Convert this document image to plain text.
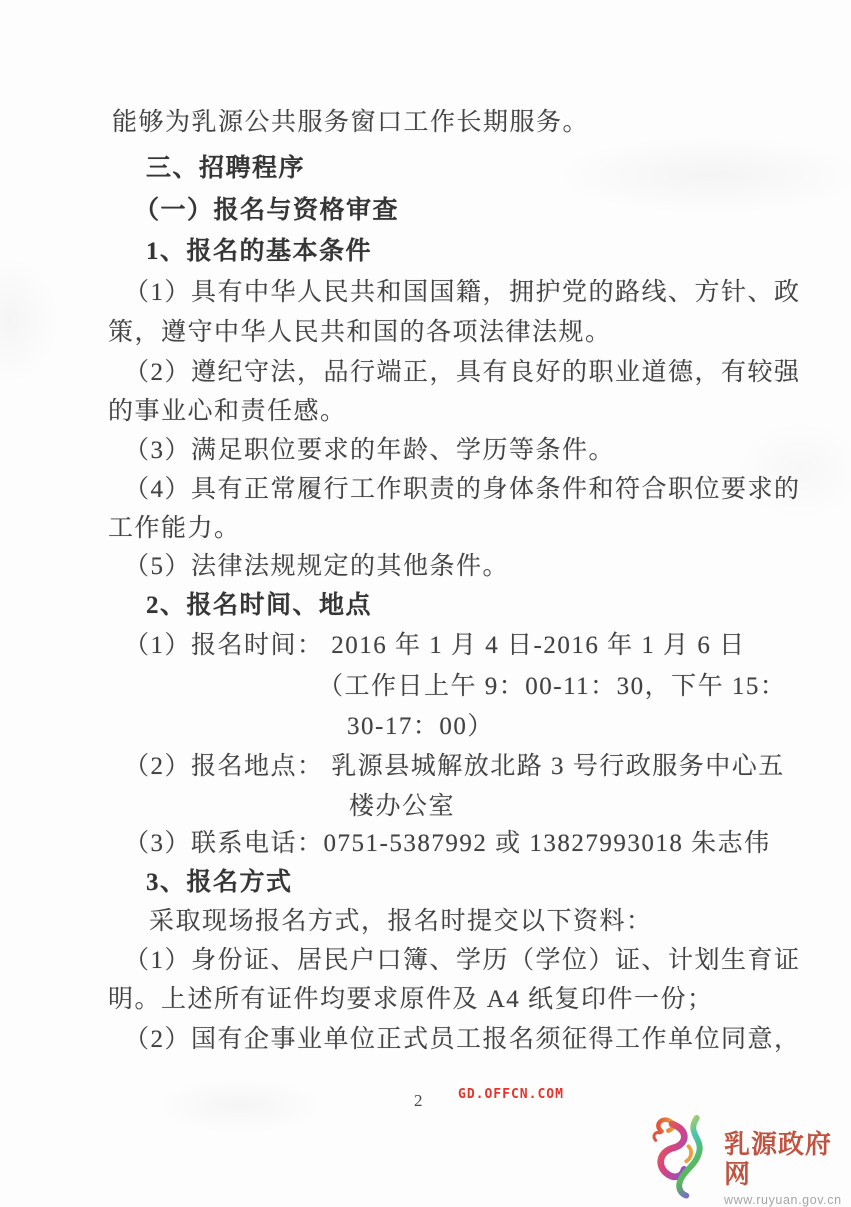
能够为乳源公共服务窗口工作长期服务。
三、招聘程序
（一）报名与资格审查
1、报名的基本条件
（1）具有中华人民共和国国籍，拥护党的路线、方针、政
策，遵守中华人民共和国的各项法律法规。
（2）遵纪守法，品行端正，具有良好的职业道德，有较强
的事业心和责任感。
（3）满足职位要求的年龄、学历等条件。
（4）具有正常履行工作职责的身体条件和符合职位要求的
工作能力。
（5）法律法规规定的其他条件。
2、报名时间、地点
（1）报名时间： 2016 年 1 月 4 日-2016 年 1 月 6 日
（工作日上午 9：00-11：30，下午 15：
30-17：00）
（2）报名地点： 乳源县城解放北路 3 号行政服务中心五
楼办公室
（3）联系电话：0751-5387992 或 13827993018 朱志伟
3、报名方式
采取现场报名方式，报名时提交以下资料：
（1）身份证、居民户口簿、学历（学位）证、计划生育证
明。上述所有证件均要求原件及 A4 纸复印件一份；
（2）国有企事业单位正式员工报名须征得工作单位同意，
2	GD.OFFCN.COM
乳源政府网
www.ruyuan.gov.cn
